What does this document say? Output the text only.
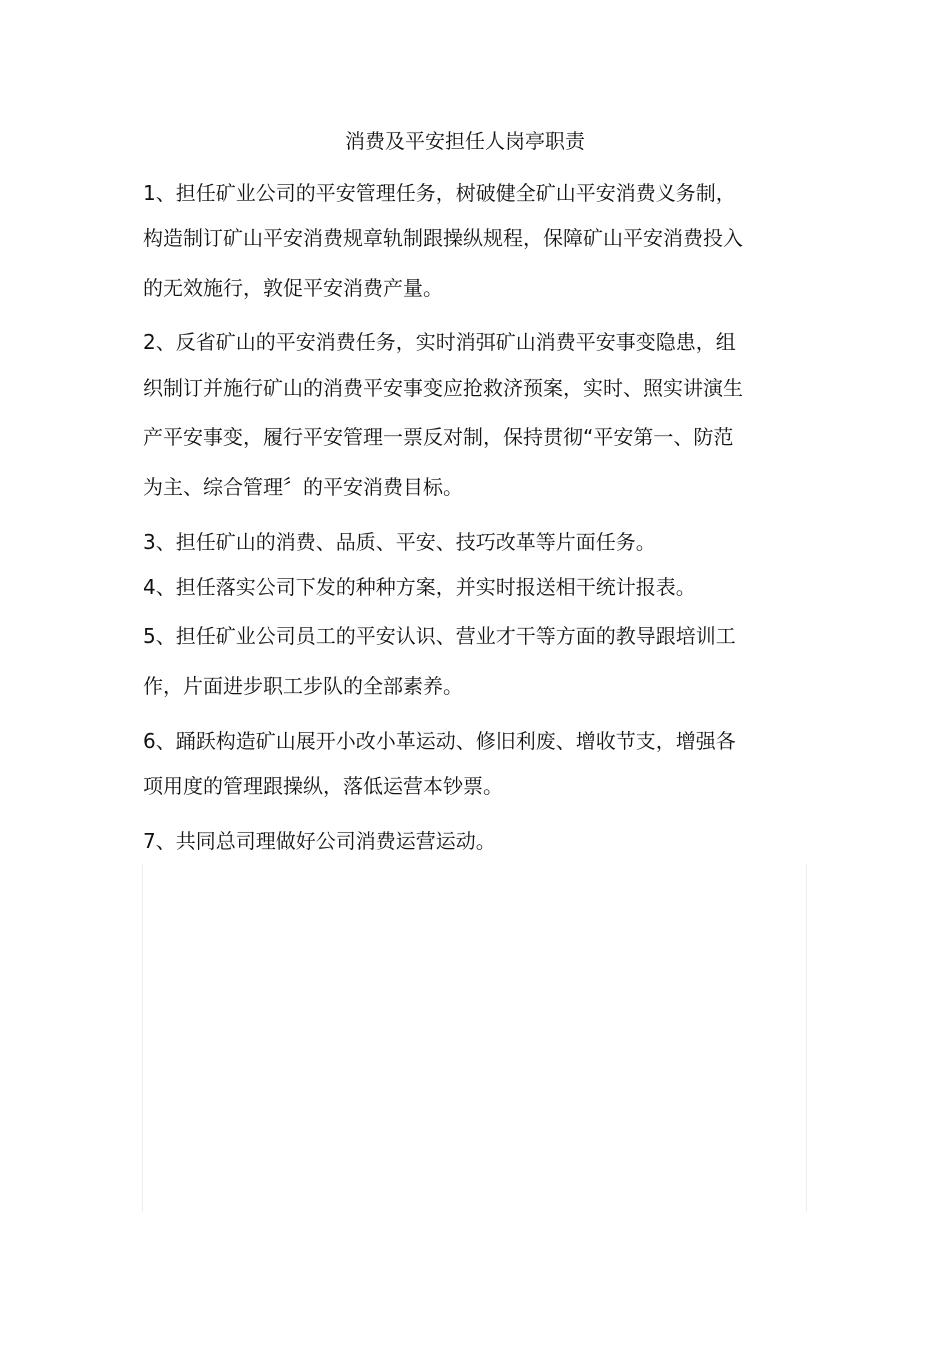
消费及平安担任人岗亭职责
1、担任矿业公司的平安管理任务，树破健全矿山平安消费义务制，
构造制订矿山平安消费规章轨制跟操纵规程，保障矿山平安消费投入
的无效施行，敦促平安消费产量。
2、反省矿山的平安消费任务，实时消弭矿山消费平安事变隐患，组
织制订并施行矿山的消费平安事变应抢救济预案，实时、照实讲演生
产平安事变，履行平安管理一票反对制，保持贯彻“平安第一、防范
为主、综合管理〞的平安消费目标。
3、担任矿山的消费、品质、平安、技巧改革等片面任务。
4、担任落实公司下发的种种方案，并实时报送相干统计报表。
5、担任矿业公司员工的平安认识、营业才干等方面的教导跟培训工
作，片面进步职工步队的全部素养。
6、踊跃构造矿山展开小改小革运动、修旧利废、增收节支，增强各
项用度的管理跟操纵，落低运营本钞票。
7、共同总司理做好公司消费运营运动。
